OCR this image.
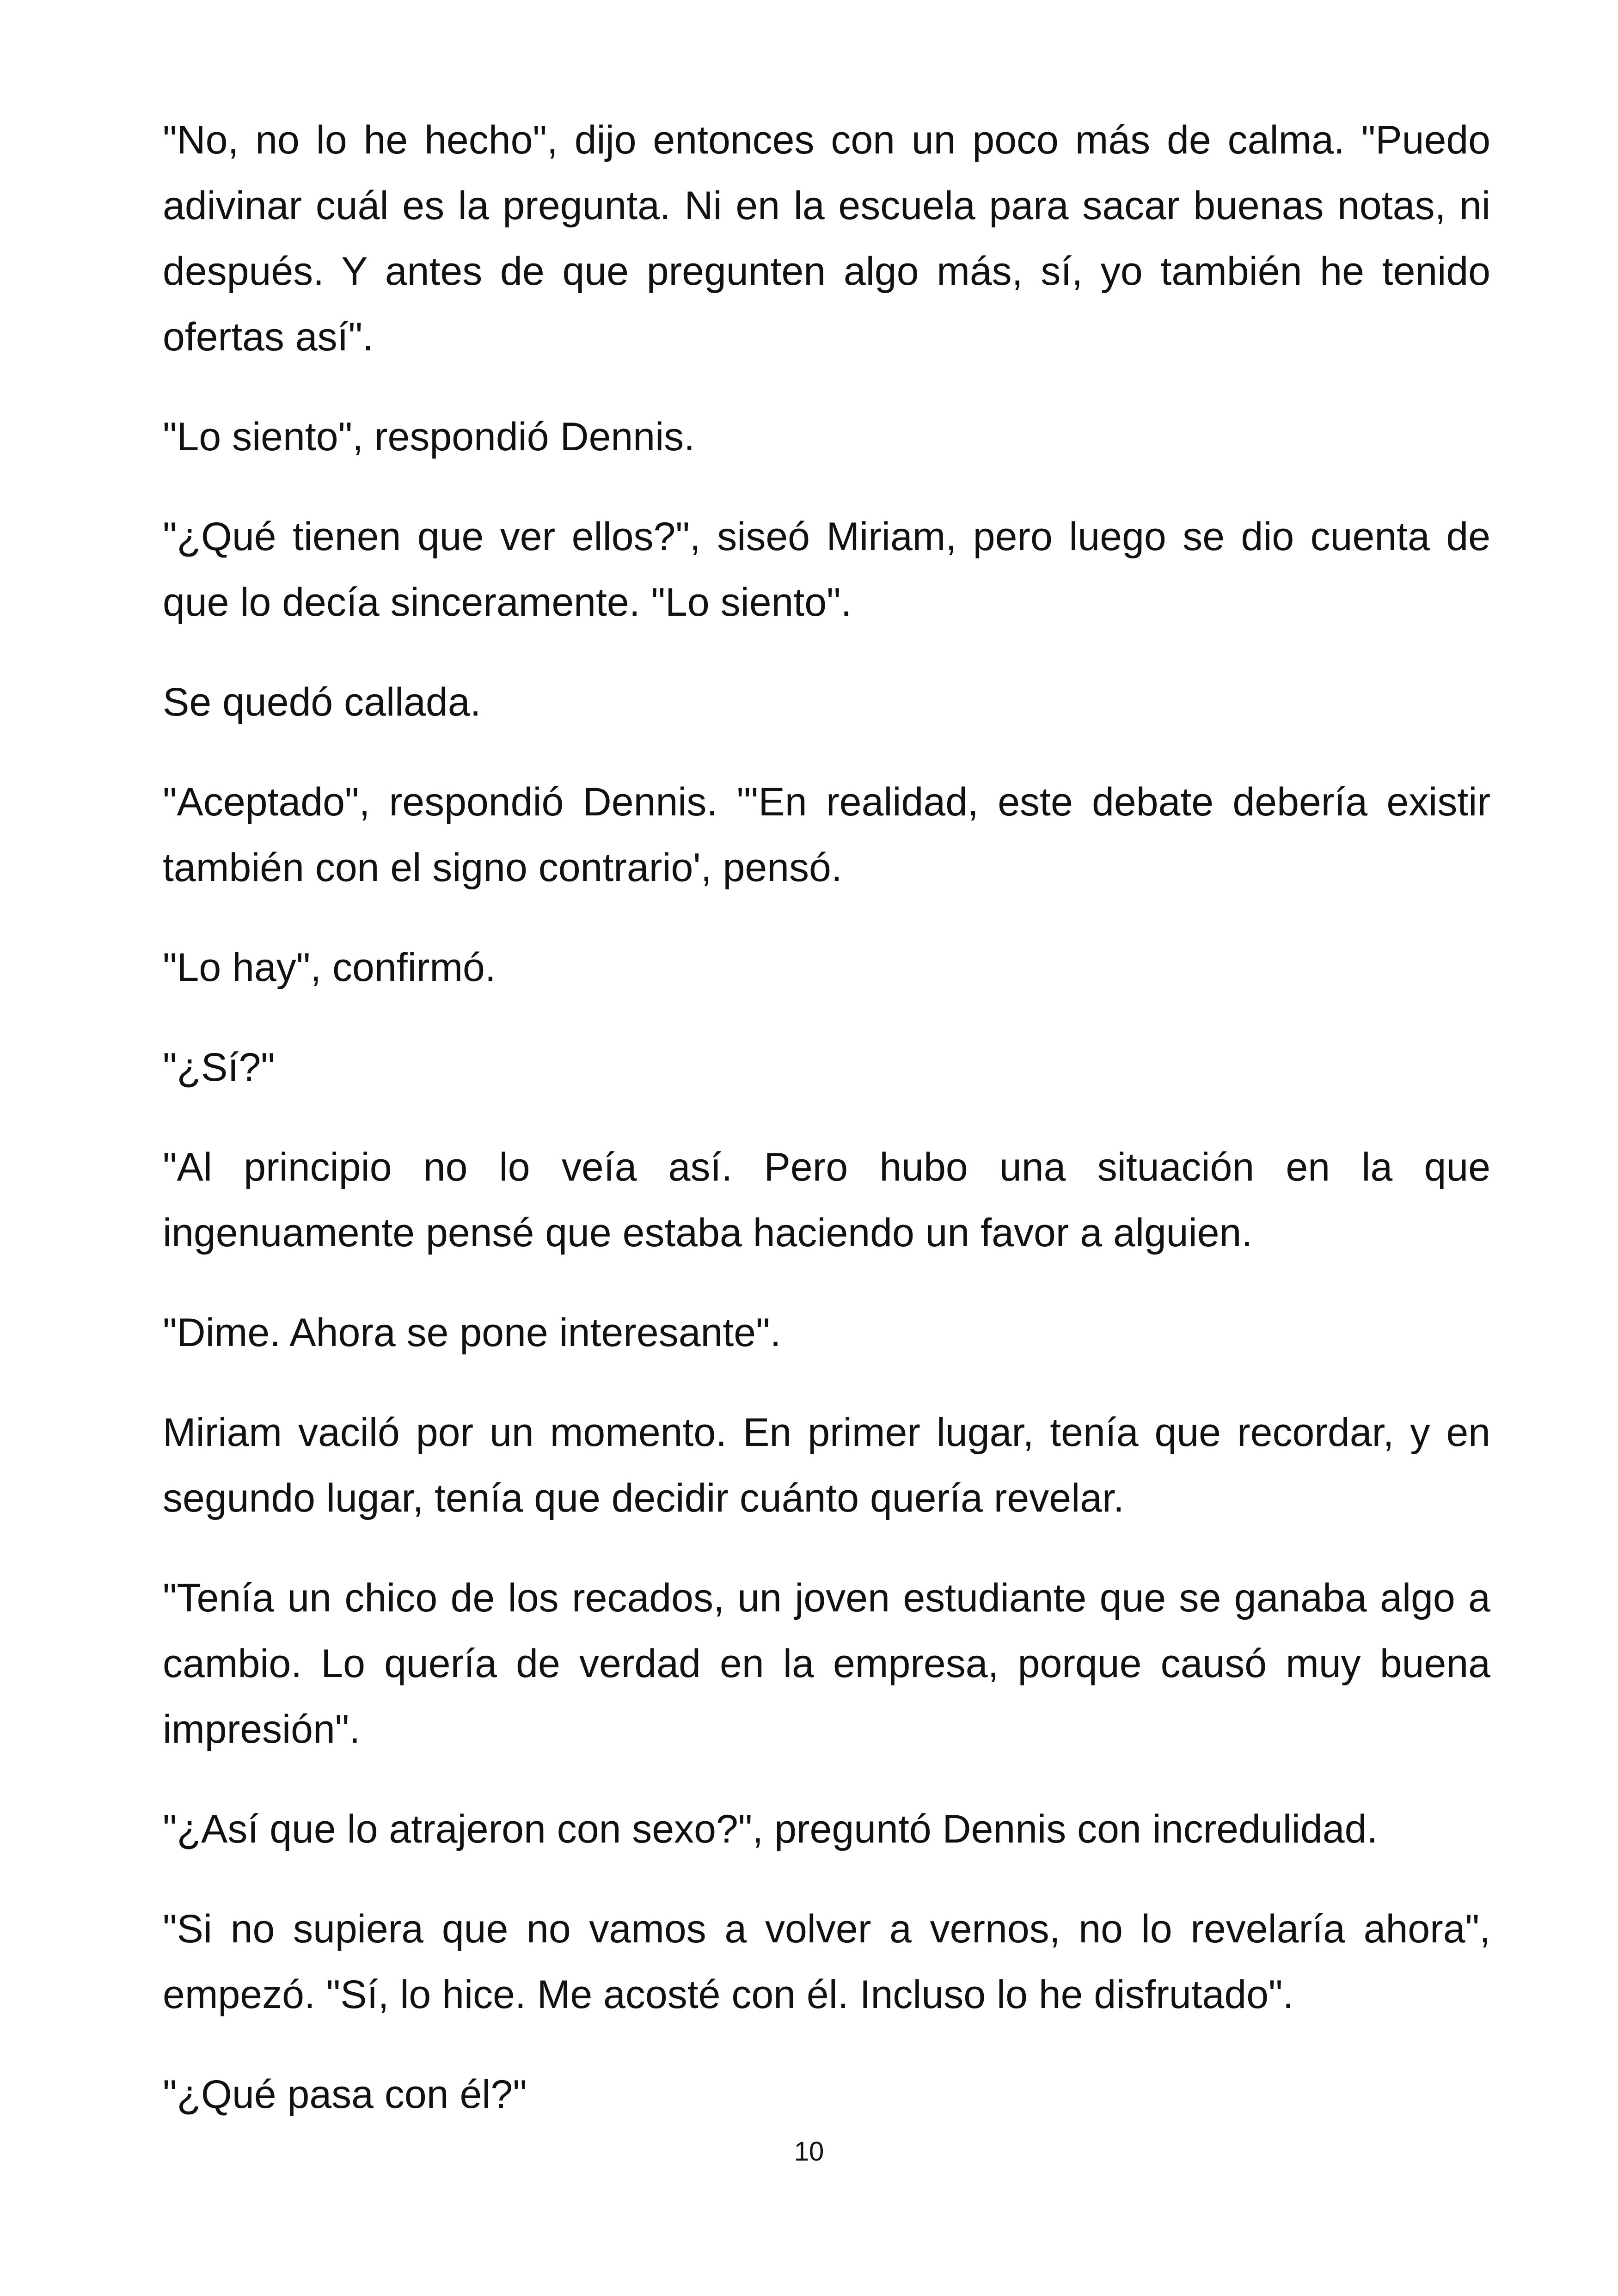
"No, no lo he hecho", dijo entonces con un poco más de calma. "Puedo adivinar cuál es la pregunta. Ni en la escuela para sacar buenas notas, ni después. Y antes de que pregunten algo más, sí, yo también he tenido ofertas así".

"Lo siento", respondió Dennis.

"¿Qué tienen que ver ellos?", siseó Miriam, pero luego se dio cuenta de que lo decía sinceramente. "Lo siento".

Se quedó callada.

"Aceptado", respondió Dennis. "'En realidad, este debate debería existir también con el signo contrario', pensó.

"Lo hay", confirmó.

"¿Sí?"

"Al principio no lo veía así. Pero hubo una situación en la que ingenuamente pensé que estaba haciendo un favor a alguien.

"Dime. Ahora se pone interesante".

Miriam vaciló por un momento. En primer lugar, tenía que recordar, y en segundo lugar, tenía que decidir cuánto quería revelar.

"Tenía un chico de los recados, un joven estudiante que se ganaba algo a cambio. Lo quería de verdad en la empresa, porque causó muy buena impresión".

"¿Así que lo atrajeron con sexo?", preguntó Dennis con incredulidad.

"Si no supiera que no vamos a volver a vernos, no lo revelaría ahora", empezó. "Sí, lo hice. Me acosté con él. Incluso lo he disfrutado".

"¿Qué pasa con él?"

10
